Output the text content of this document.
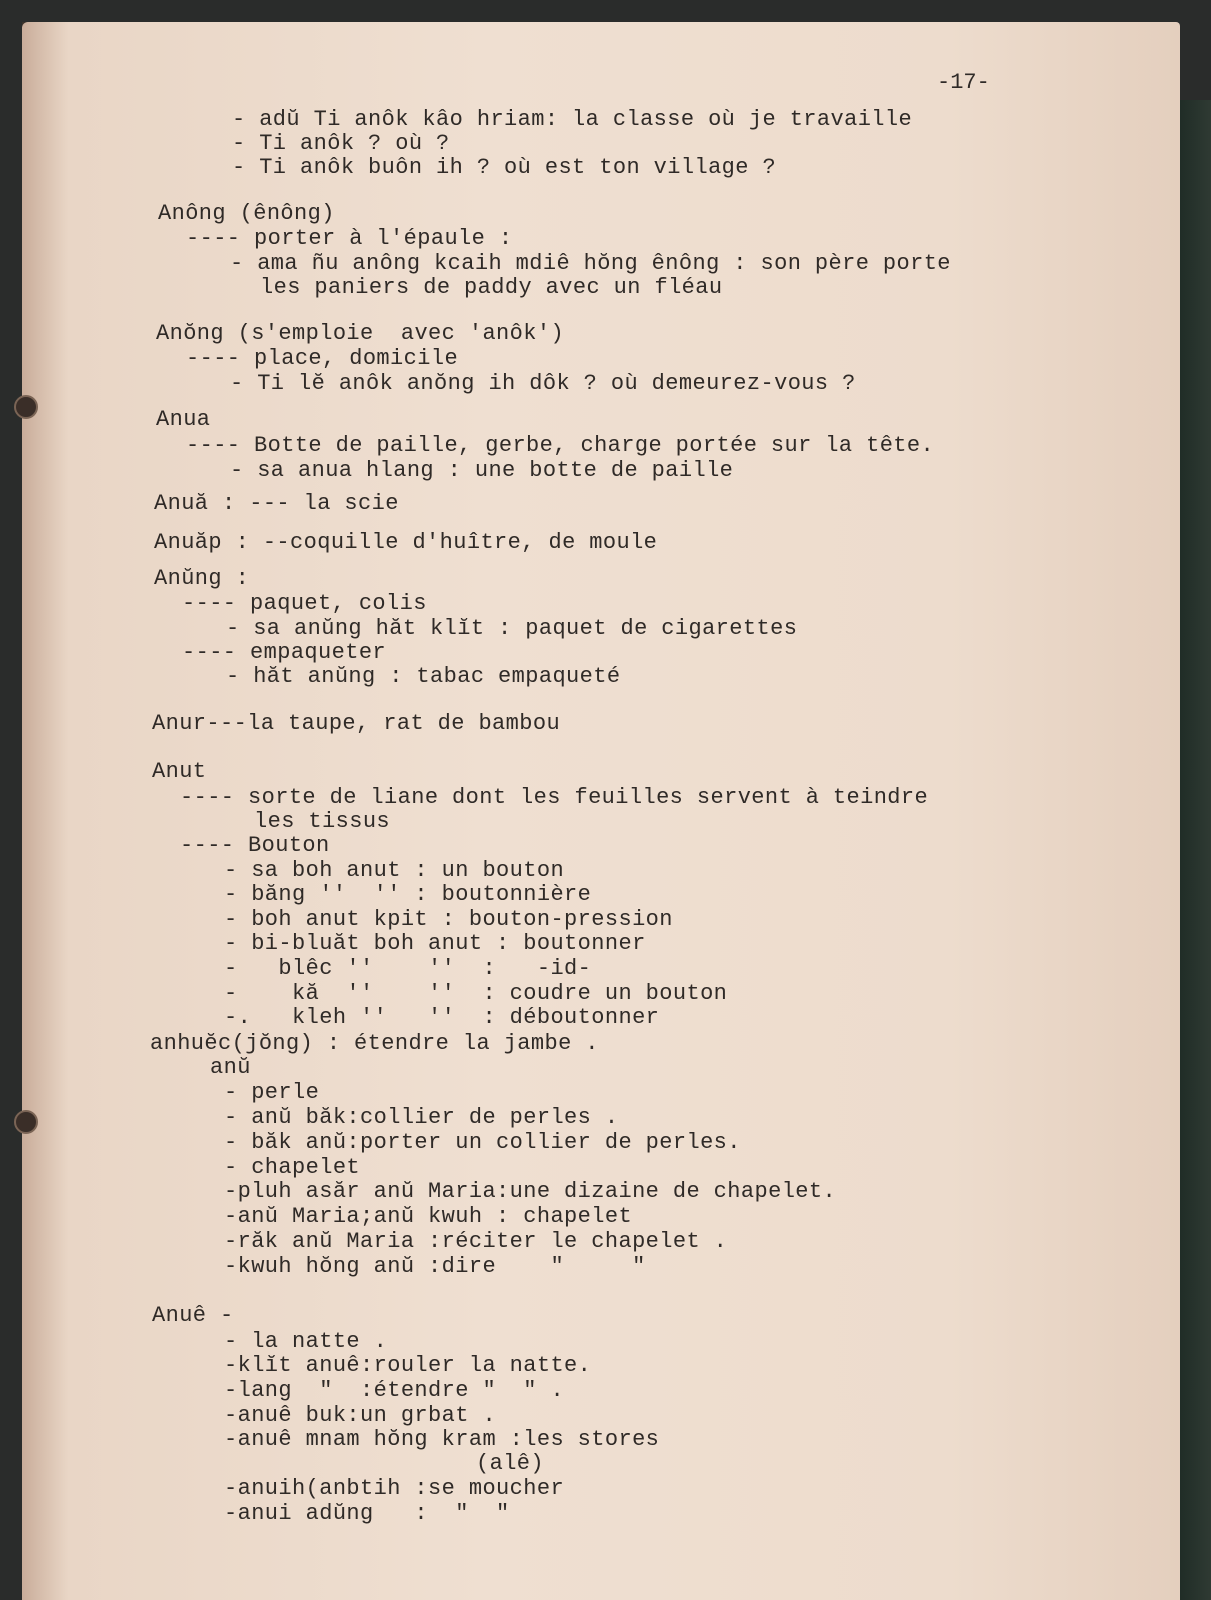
-17-
- adŭ Ti anôk kâo hriam: la classe où je travaille
- Ti anôk ? où ?
- Ti anôk buôn ih ? où est ton village ?
Anông (ênông)
---- porter à l'épaule :
- ama ñu anông kcaih mdiê hŏng ênông : son père porte
les paniers de paddy avec un fléau
Anŏng (s'emploie  avec 'anôk')
---- place, domicile
- Ti lĕ anôk anŏng ih dôk ? où demeurez-vous ?
Anua
---- Botte de paille, gerbe, charge portée sur la tête.
- sa anua hlang : une botte de paille
Anuă : --- la scie
Anuăp : --coquille d'huître, de moule
Anŭng :
---- paquet, colis
- sa anŭng hăt klĭt : paquet de cigarettes
---- empaqueter
- hăt anŭng : tabac empaqueté
Anur---la taupe, rat de bambou
Anut
---- sorte de liane dont les feuilles servent à teindre
les tissus
---- Bouton
- sa boh anut : un bouton
- băng ''  '' : boutonnière
- boh anut kpit : bouton-pression
- bi-bluăt boh anut : boutonner
-   blêc ''    ''  :   -id-
-    kă  ''    ''  : coudre un bouton
-.   kleh ''   ''  : déboutonner
anhuĕc(jŏng) : étendre la jambe .
anŭ
- perle
- anŭ băk:collier de perles .
- băk anŭ:porter un collier de perles.
- chapelet
-pluh asăr anŭ Maria:une dizaine de chapelet.
-anŭ Maria;anŭ kwuh : chapelet
-răk anŭ Maria :réciter le chapelet .
-kwuh hŏng anŭ :dire    "     "
Anuê -
- la natte .
-klĭt anuê:rouler la natte.
-lang  "  :étendre "  " .
-anuê buk:un grbat .
-anuê mnam hŏng kram :les stores
(alê)
-anuih(anbtih :se moucher
-anui adŭng   :  "  "
